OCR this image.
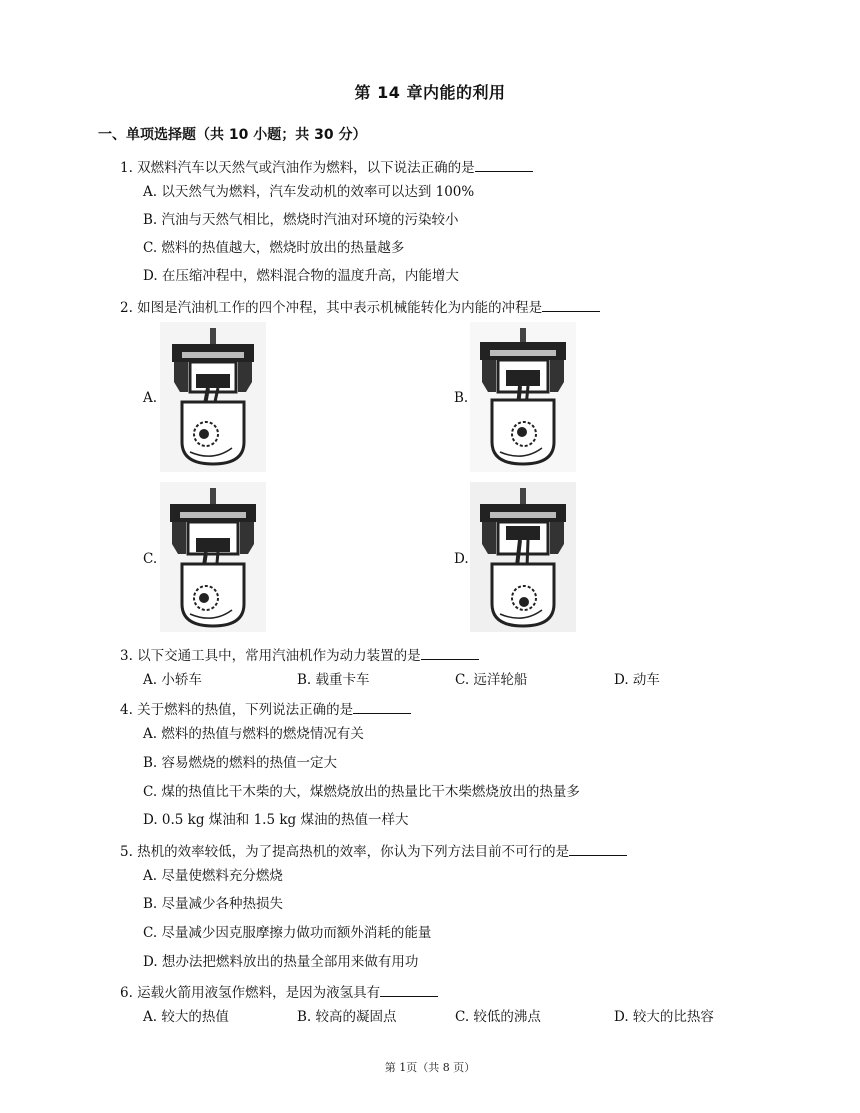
第 14 章内能的利用
一、单项选择题（共 10 小题；共 30 分）
1. 双燃料汽车以天然气或汽油作为燃料，以下说法正确的是
A. 以天然气为燃料，汽车发动机的效率可以达到 100%
B. 汽油与天然气相比，燃烧时汽油对环境的污染较小
C. 燃料的热值越大，燃烧时放出的热量越多
D. 在压缩冲程中，燃料混合物的温度升高，内能增大
2. 如图是汽油机工作的四个冲程，其中表示机械能转化为内能的冲程是
A.	B.
C.	D.
3. 以下交通工具中，常用汽油机作为动力装置的是
A. 小轿车	B. 载重卡车	C. 远洋轮船	D. 动车
4. 关于燃料的热值，下列说法正确的是
A. 燃料的热值与燃料的燃烧情况有关
B. 容易燃烧的燃料的热值一定大
C. 煤的热值比干木柴的大，煤燃烧放出的热量比干木柴燃烧放出的热量多
D. 0.5 kg 煤油和 1.5 kg 煤油的热值一样大
5. 热机的效率较低，为了提高热机的效率，你认为下列方法目前不可行的是
A. 尽量使燃料充分燃烧
B. 尽量减少各种热损失
C. 尽量减少因克服摩擦力做功而额外消耗的能量
D. 想办法把燃料放出的热量全部用来做有用功
6. 运载火箭用液氢作燃料，是因为液氢具有
A. 较大的热值	B. 较高的凝固点	C. 较低的沸点	D. 较大的比热容
第 1页（共 8 页）
